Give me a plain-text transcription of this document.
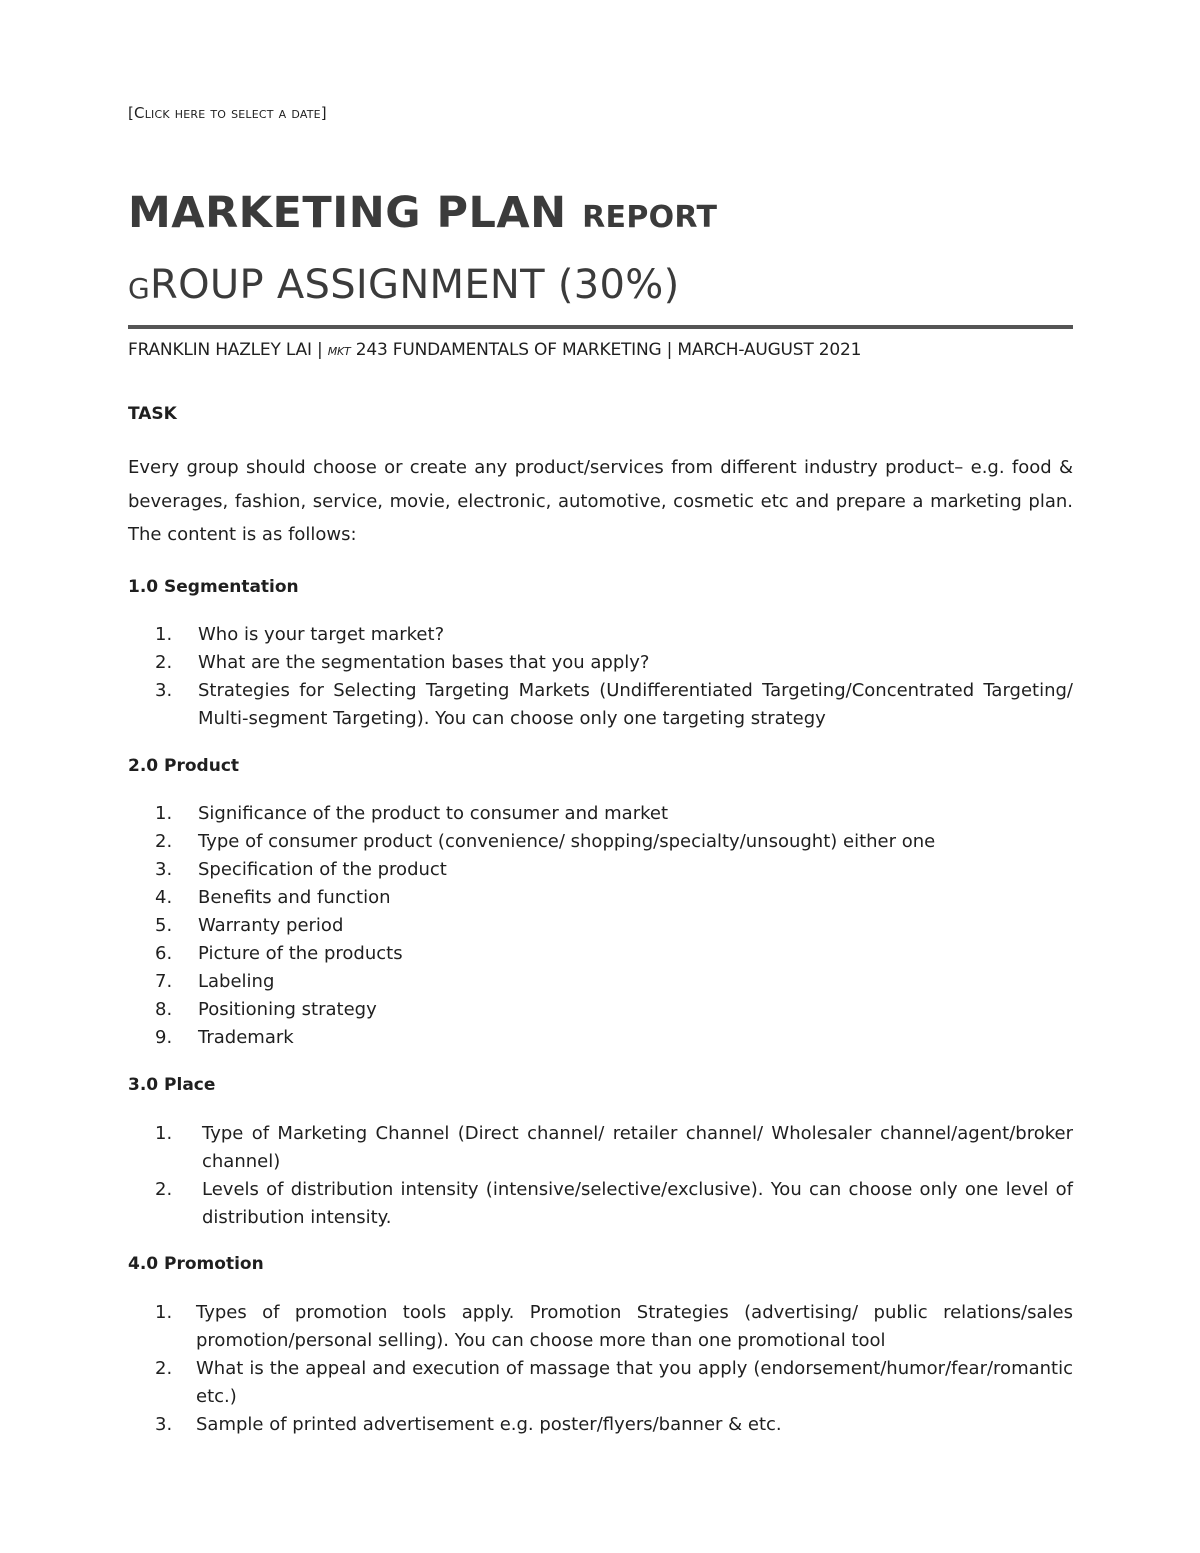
[Click here to select a date]
MARKETING PLAN REPORT
GROUP ASSIGNMENT (30%)
FRANKLIN HAZLEY LAI | MKT 243 FUNDAMENTALS OF MARKETING | MARCH-AUGUST 2021
TASK

Every group should choose or create any product/services from different industry product– e.g. food & beverages, fashion, service, movie, electronic, automotive, cosmetic etc and prepare a marketing plan. The content is as follows:

1.0 Segmentation
1. Who is your target market?
2. What are the segmentation bases that you apply?
3. Strategies for Selecting Targeting Markets (Undifferentiated Targeting/Concentrated Targeting/ Multi-segment Targeting). You can choose only one targeting strategy
2.0 Product
1. Significance of the product to consumer and market
2. Type of consumer product (convenience/ shopping/specialty/unsought) either one
3. Specification of the product
4. Benefits and function
5. Warranty period
6. Picture of the products
7. Labeling
8. Positioning strategy
9. Trademark
3.0 Place
1. Type of Marketing Channel (Direct channel/ retailer channel/ Wholesaler channel/agent/broker channel)
2. Levels of distribution intensity (intensive/selective/exclusive). You can choose only one level of distribution intensity.
4.0 Promotion
1. Types of promotion tools apply. Promotion Strategies (advertising/ public relations/sales promotion/personal selling). You can choose more than one promotional tool
2. What is the appeal and execution of massage that you apply (endorsement/humor/fear/romantic etc.)
3. Sample of printed advertisement e.g. poster/flyers/banner & etc.
